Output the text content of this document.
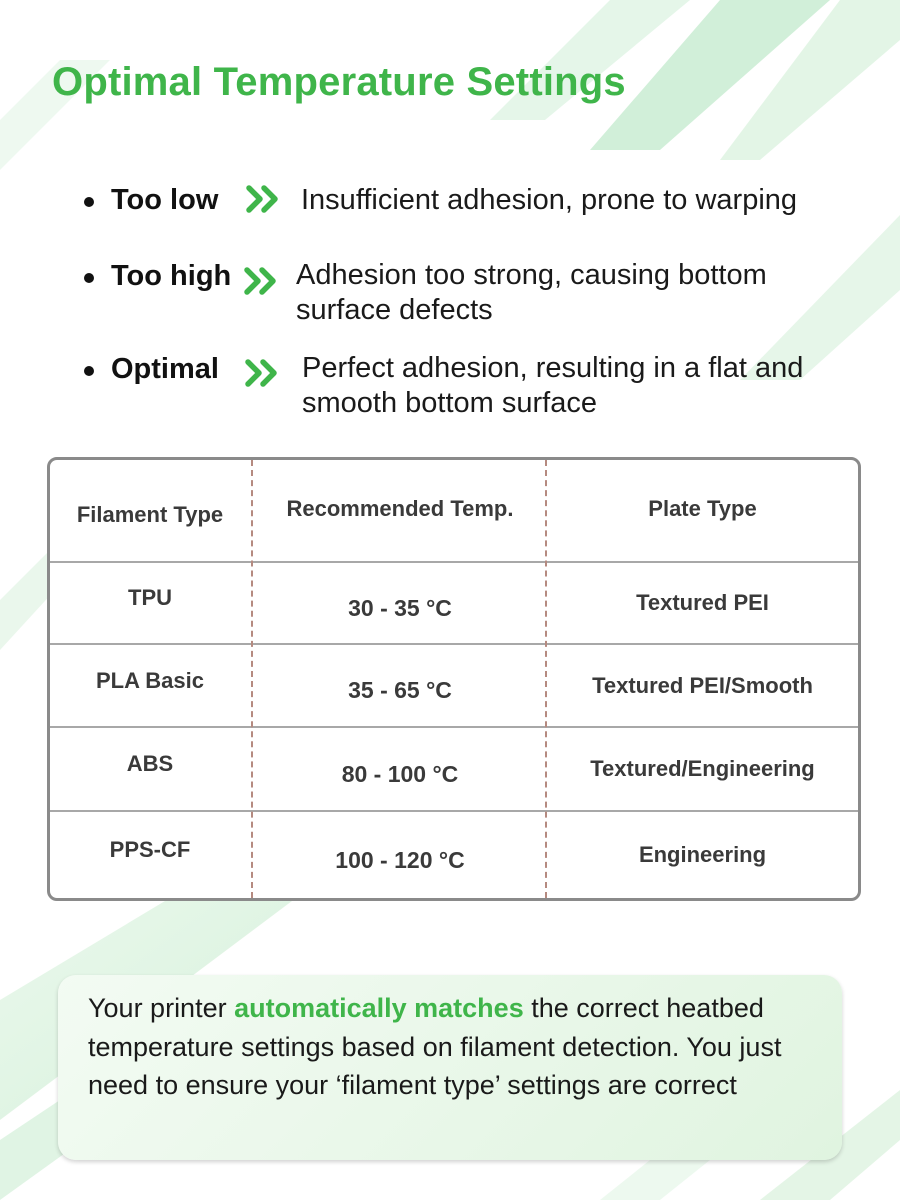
Optimal Temperature Settings
Too low	Insufficient adhesion, prone to warping
Too high Adhesion too strong, causing bottom surface defects
Optimal	Perfect adhesion, resulting in a flat and smooth bottom surface
Filament Type	Recommended Temp.	Plate Type
TPU	30 - 35 °C	Textured PEI
PLA Basic	35 - 65 °C	Textured PEI/Smooth
ABS	80 - 100 °C	Textured/Engineering
PPS-CF	100 - 120 °C	Engineering

Your printer automatically matches the correct heatbed temperature settings based on filament detection. You just need to ensure your ‘filament type’ settings are correct
